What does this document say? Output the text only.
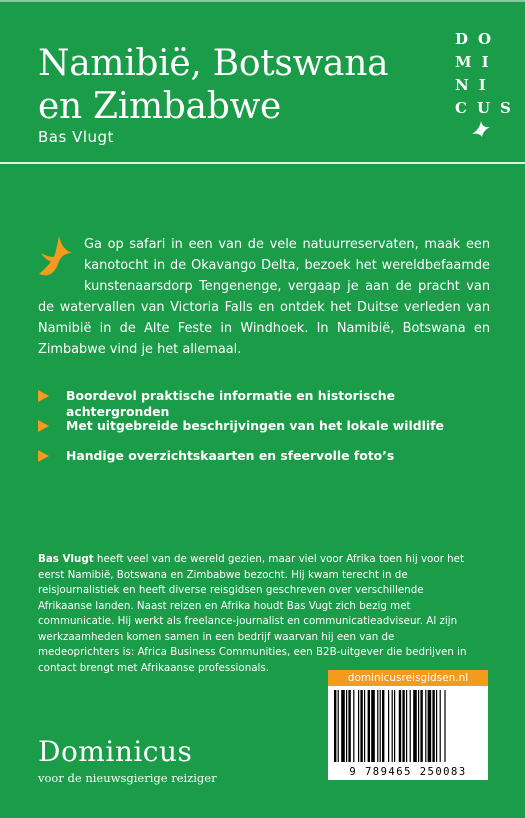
Namibië, Botswana en Zimbabwe

Bas Vlugt

DO
MI
NI
CUS
Ga op safari in een van de vele natuurreservaten, maak een kanotocht in de Okavango Delta, bezoek het wereldbefaamde kunstenaarsdorp Tengenenge, vergaap je aan de pracht van de watervallen van Victoria Falls en ontdek het Duitse verleden van Namibië in de Alte Feste in Windhoek. In Namibië, Botswana en Zimbabwe vind je het allemaal.
Boordevol praktische informatie en historische achtergronden
Met uitgebreide beschrijvingen van het lokale wildlife
Handige overzichtskaarten en sfeervolle foto’s

Bas Vlugt heeft veel van de wereld gezien, maar viel voor Afrika toen hij voor het eerst Namibië, Botswana en Zimbabwe bezocht. Hij kwam terecht in de reisjournalistiek en heeft diverse reisgidsen geschreven over verschillende Afrikaanse landen. Naast reizen en Afrika houdt Bas Vugt zich bezig met communicatie. Hij werkt als freelance-journalist en communicatieadviseur. Al zijn werkzaamheden komen samen in een bedrijf waarvan hij een van de medeoprichters is: Africa Business Communities, een B2B-uitgever die bedrijven in contact brengt met Afrikaanse professionals.

dominicusreisgidsen.nl
9 789465 250083

Dominicus

voor de nieuwsgierige reiziger
